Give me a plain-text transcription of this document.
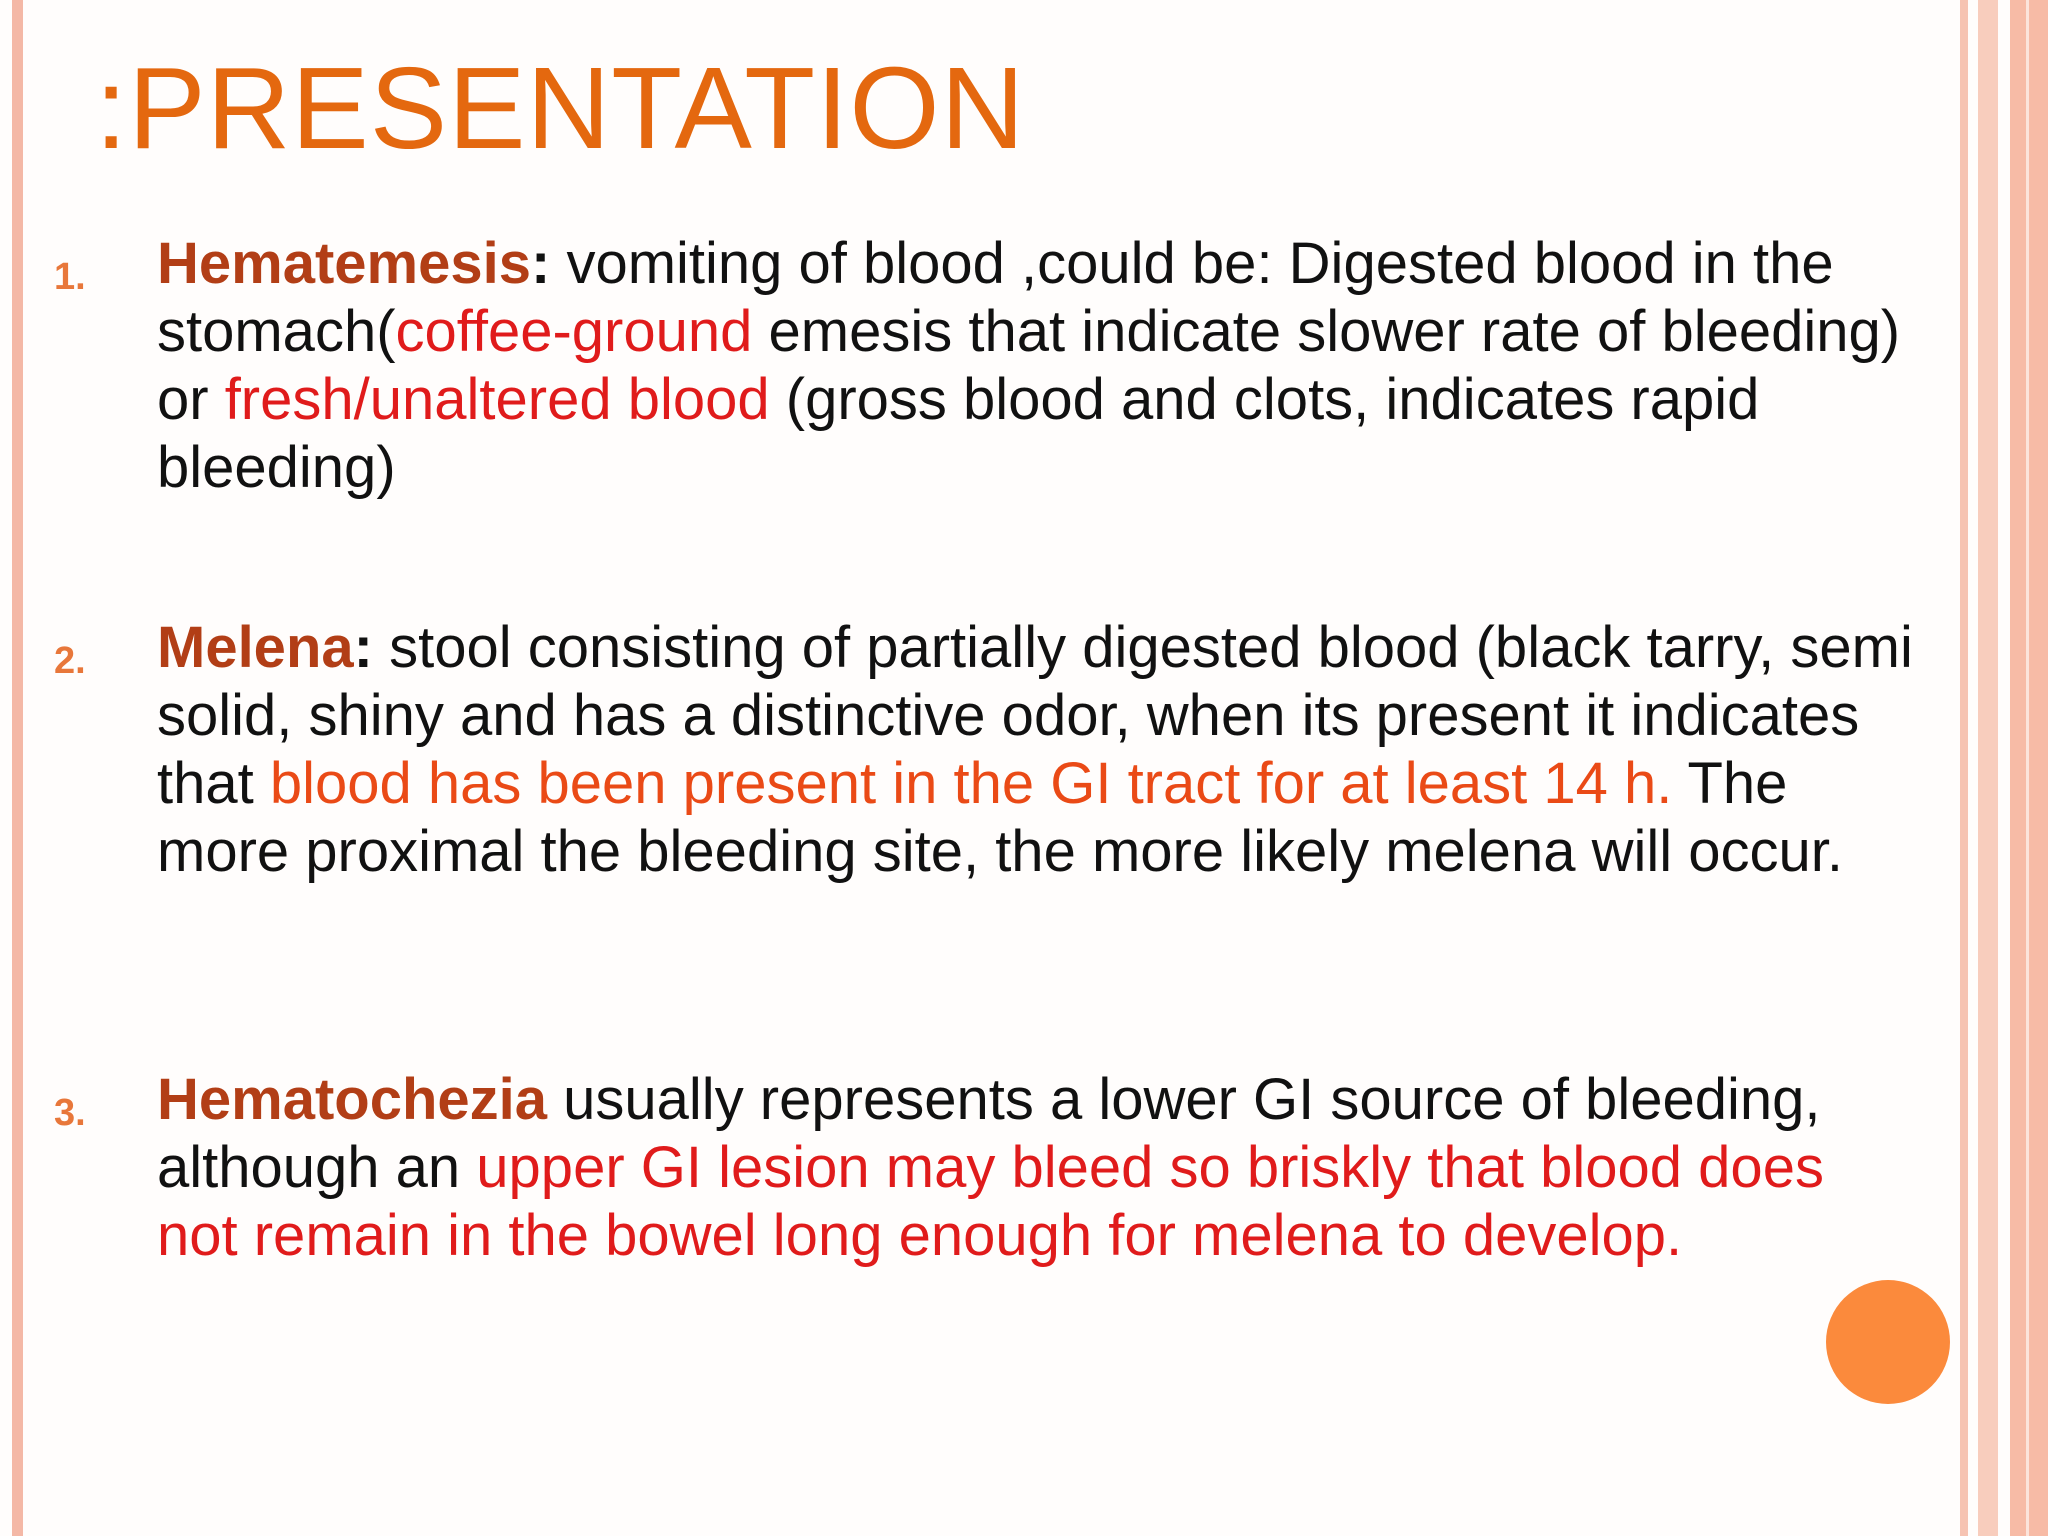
:PRESENTATION
1. Hematemesis: vomiting of blood ,could be: Digested blood in the stomach(coffee-ground emesis that indicate slower rate of bleeding) or fresh/unaltered blood (gross blood and clots, indicates rapid bleeding)
2. Melena: stool consisting of partially digested blood (black tarry, semi solid, shiny and has a distinctive odor, when its present it indicates that blood has been present in the GI tract for at least 14 h. The more proximal the bleeding site, the more likely melena will occur.
3. Hematochezia usually represents a lower GI source of bleeding, although an upper GI lesion may bleed so briskly that blood does not remain in the bowel long enough for melena to develop.
